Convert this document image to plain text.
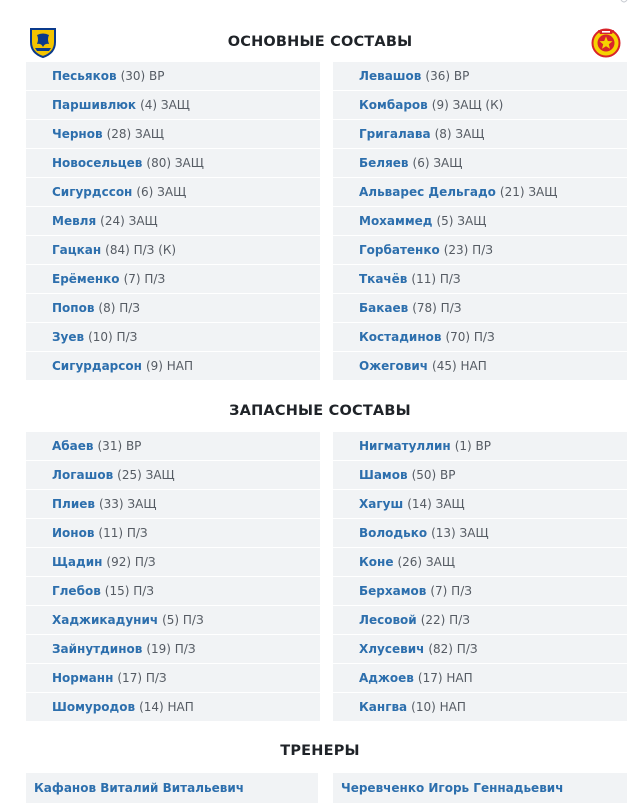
ОСНОВНЫЕ СОСТАВЫ
Песьяков (30) ВР
Паршивлюк (4) ЗАЩ
Чернов (28) ЗАЩ
Новосельцев (80) ЗАЩ
Сигурдссон (6) ЗАЩ
Мевля (24) ЗАЩ
Гацкан (84) П/З (К)
Ерёменко (7) П/З
Попов (8) П/З
Зуев (10) П/З
Сигурдарсон (9) НАП
Левашов (36) ВР
Комбаров (9) ЗАЩ (К)
Григалава (8) ЗАЩ
Беляев (6) ЗАЩ
Альварес Дельгадо (21) ЗАЩ
Мохаммед (5) ЗАЩ
Горбатенко (23) П/З
Ткачёв (11) П/З
Бакаев (78) П/З
Костадинов (70) П/З
Ожегович (45) НАП
ЗАПАСНЫЕ СОСТАВЫ
Абаев (31) ВР
Логашов (25) ЗАЩ
Плиев (33) ЗАЩ
Ионов (11) П/З
Щадин (92) П/З
Глебов (15) П/З
Хаджикадунич (5) П/З
Зайнутдинов (19) П/З
Норманн (17) П/З
Шомуродов (14) НАП
Нигматуллин (1) ВР
Шамов (50) ВР
Хагуш (14) ЗАЩ
Володько (13) ЗАЩ
Коне (26) ЗАЩ
Берхамов (7) П/З
Лесовой (22) П/З
Хлусевич (82) П/З
Аджоев (17) НАП
Кангва (10) НАП
ТРЕНЕРЫ
Кафанов Виталий Витальевич	Черевченко Игорь Геннадьевич
